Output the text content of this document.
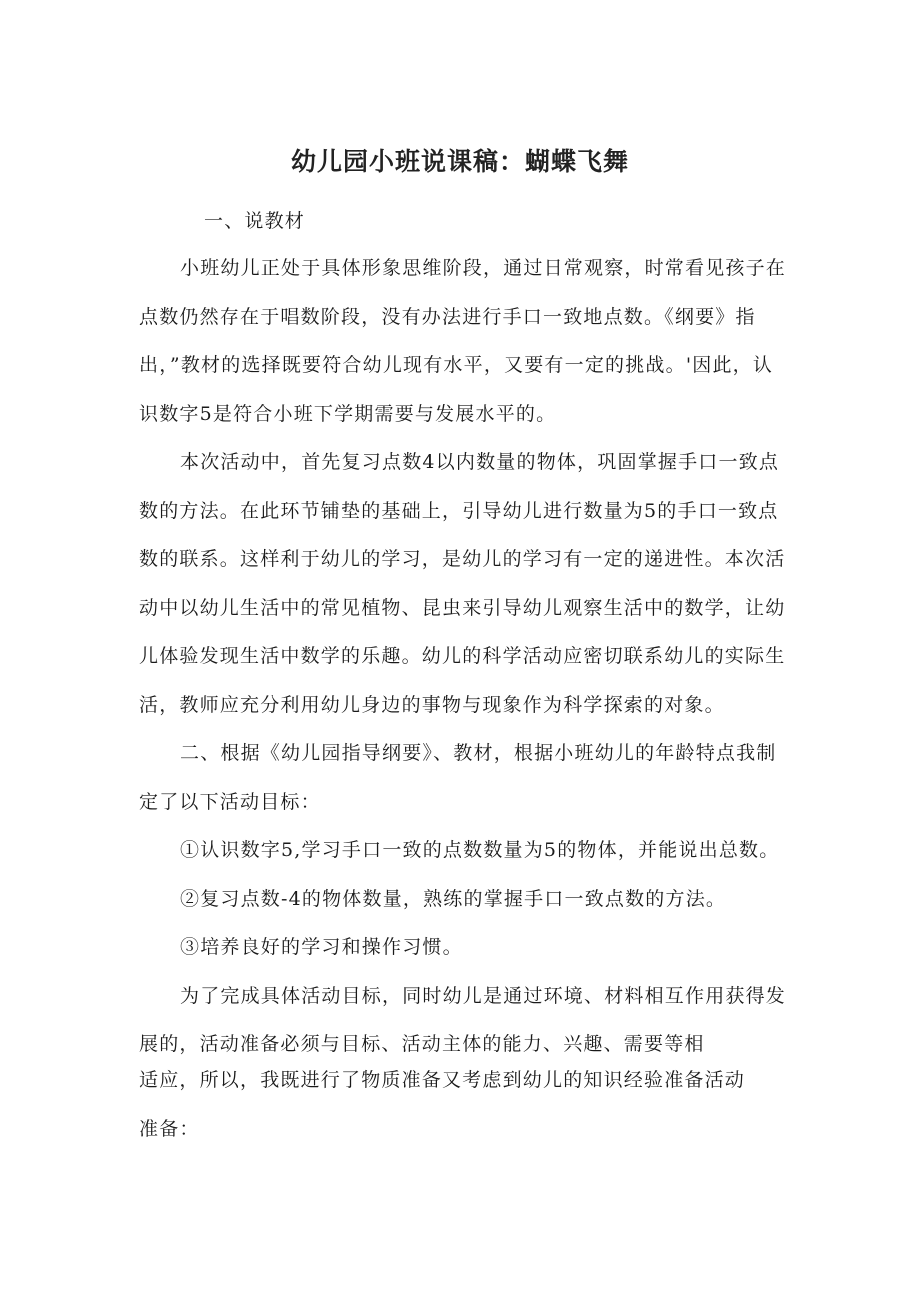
幼儿园小班说课稿：蝴蝶飞舞
一、说教材
小班幼儿正处于具体形象思维阶段，通过日常观察，时常看见孩子在
点数仍然存在于唱数阶段，没有办法进行手口一致地点数。《纲要》指
出，”教材的选择既要符合幼儿现有水平，又要有一定的挑战。'因此，认
识数字5是符合小班下学期需要与发展水平的。
本次活动中，首先复习点数4以内数量的物体，巩固掌握手口一致点
数的方法。在此环节铺垫的基础上，引导幼儿进行数量为5的手口一致点
数的联系。这样利于幼儿的学习，是幼儿的学习有一定的递进性。本次活
动中以幼儿生活中的常见植物、昆虫来引导幼儿观察生活中的数学，让幼
儿体验发现生活中数学的乐趣。幼儿的科学活动应密切联系幼儿的实际生
活，教师应充分利用幼儿身边的事物与现象作为科学探索的对象。
二、根据《幼儿园指导纲要》、教材，根据小班幼儿的年龄特点我制
定了以下活动目标：
①认识数字5,学习手口一致的点数数量为5的物体，并能说出总数。
②复习点数-4的物体数量，熟练的掌握手口一致点数的方法。
③培养良好的学习和操作习惯。
为了完成具体活动目标，同时幼儿是通过环境、材料相互作用获得发
展的，活动准备必须与目标、活动主体的能力、兴趣、需要等相
适应，所以，我既进行了物质准备又考虑到幼儿的知识经验准备活动
准备：
